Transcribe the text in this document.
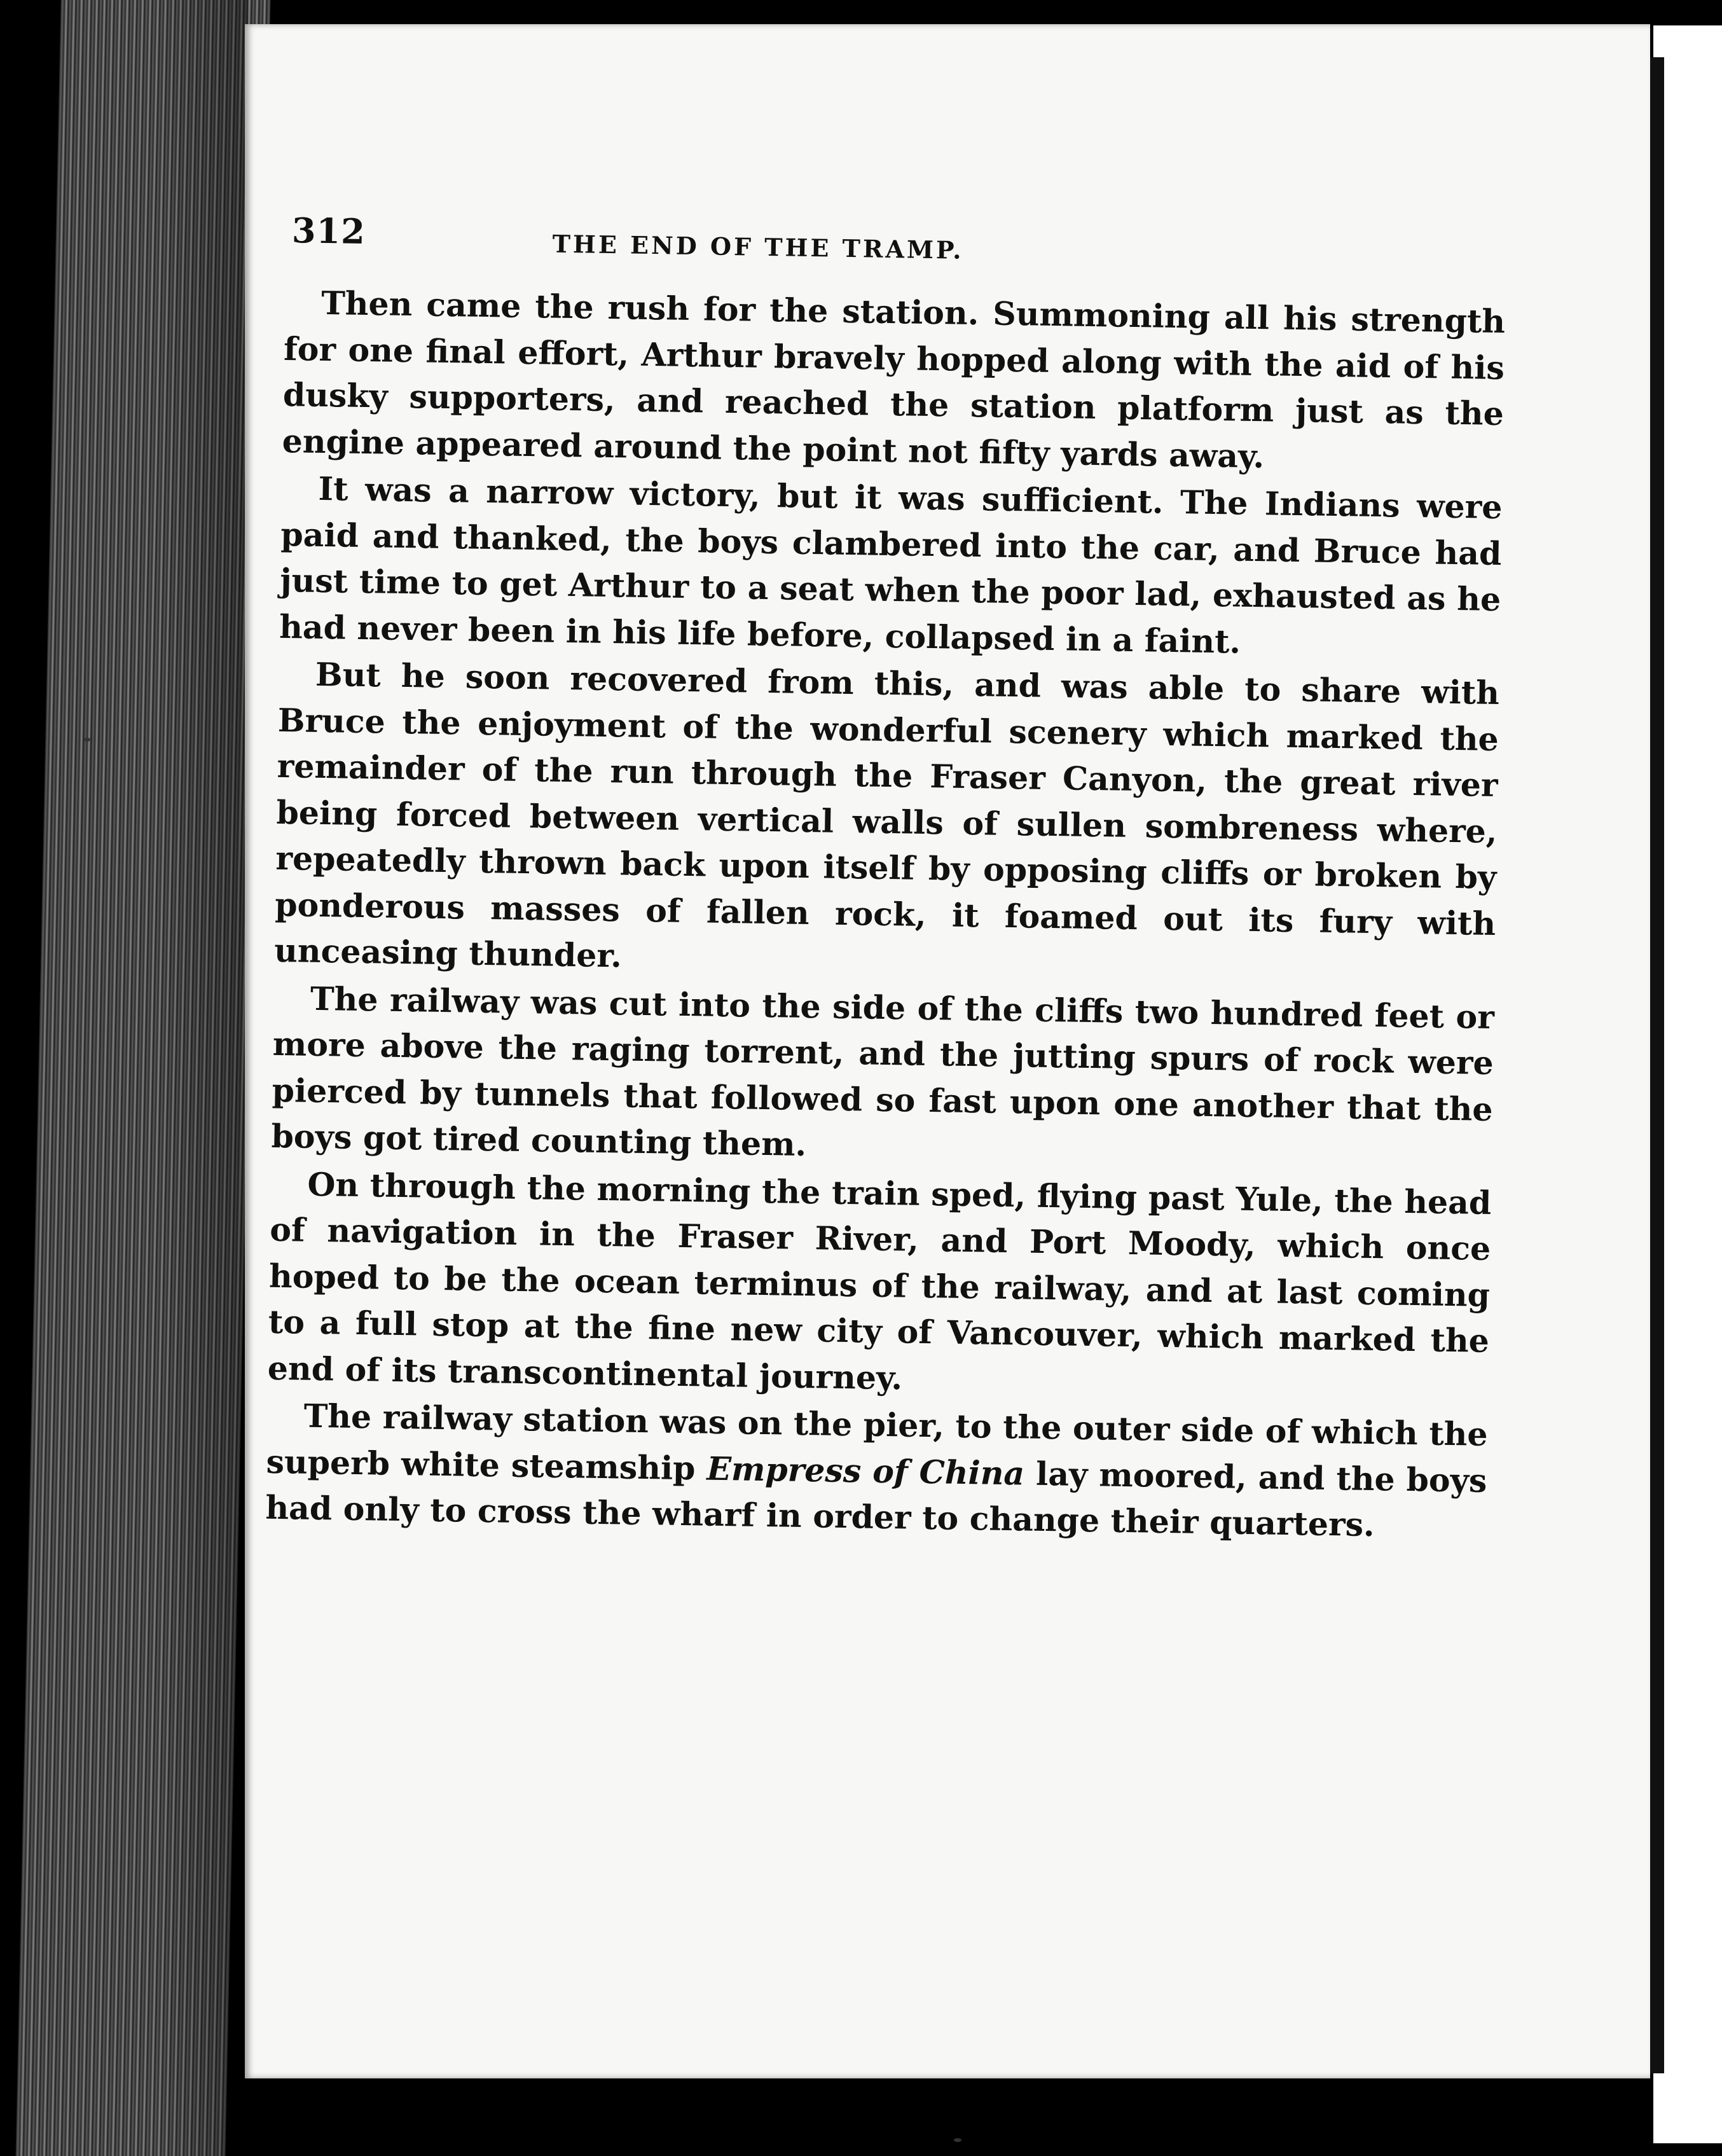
312	THE END OF THE TRAMP.

Then came the rush for the station. Summoning all his strength for one final effort, Arthur bravely hopped along with the aid of his dusky supporters, and reached the station platform just as the engine appeared around the point not fifty yards away.

It was a narrow victory, but it was sufficient. The Indians were paid and thanked, the boys clambered into the car, and Bruce had just time to get Arthur to a seat when the poor lad, exhausted as he had never been in his life before, collapsed in a faint.

But he soon recovered from this, and was able to share with Bruce the enjoyment of the wonderful scenery which marked the remainder of the run through the Fraser Canyon, the great river being forced between vertical walls of sullen sombreness where, repeatedly thrown back upon itself by opposing cliffs or broken by ponderous masses of fallen rock, it foamed out its fury with unceasing thunder.

The railway was cut into the side of the cliffs two hundred feet or more above the raging torrent, and the jutting spurs of rock were pierced by tunnels that followed so fast upon one another that the boys got tired counting them.

On through the morning the train sped, flying past Yule, the head of navigation in the Fraser River, and Port Moody, which once hoped to be the ocean terminus of the railway, and at last coming to a full stop at the fine new city of Vancouver, which marked the end of its transcontinental journey.

The railway station was on the pier, to the outer side of which the superb white steamship Empress of China lay moored, and the boys had only to cross the wharf in order to change their quarters.
